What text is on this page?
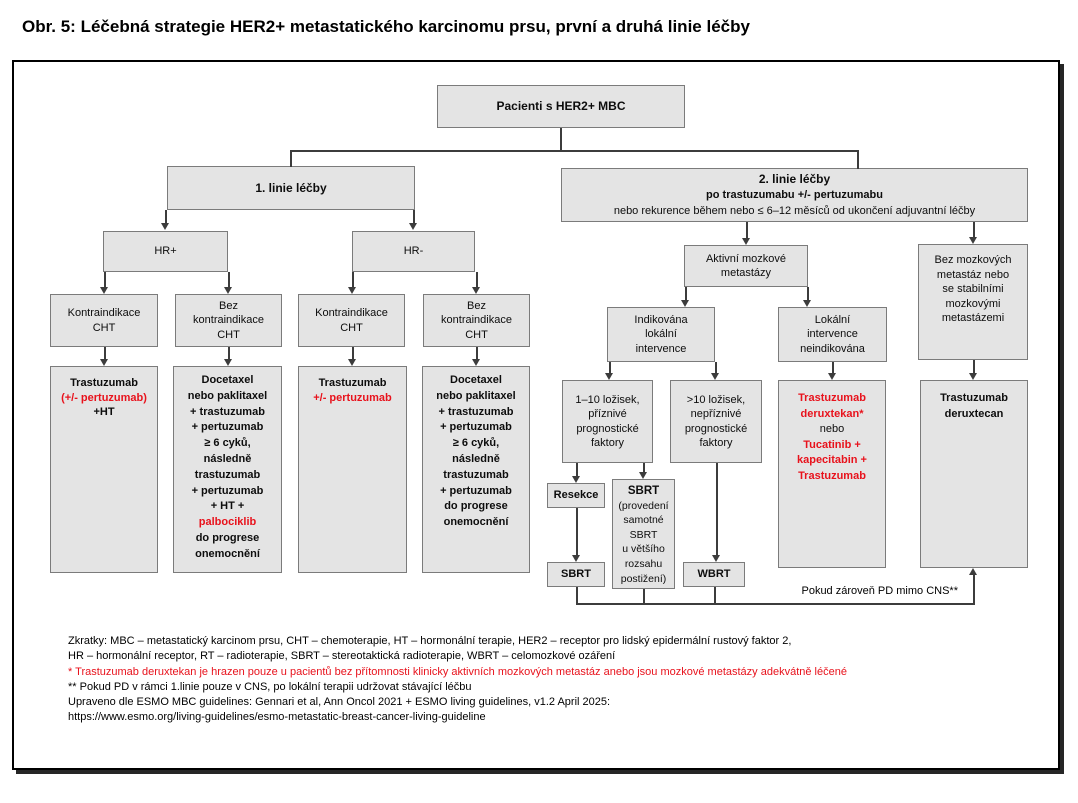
Obr. 5: Léčebná strategie HER2+ metastatického karcinomu prsu, první a druhá linie léčby
Pacienti s HER2+ MBC
1. linie léčby
2. linie léčby
po trastuzumabu +/- pertuzumabu
nebo rekurence během nebo ≤ 6–12 měsíců od ukončení adjuvantní léčby
HR+	HR-
Kontraindikace
CHT
Bez
kontraindikace
CHT
Kontraindikace
CHT
Bez
kontraindikace
CHT
Trastuzumab
(+/- pertuzumab)
+HT
Docetaxel
nebo paklitaxel
+ trastuzumab
+ pertuzumab
≥ 6 cyků,
následně
trastuzumab
+ pertuzumab
+ HT +
palbociklib
do progrese
onemocnění
Trastuzumab
+/- pertuzumab
Docetaxel
nebo paklitaxel
+ trastuzumab
+ pertuzumab
≥ 6 cyků,
následně
trastuzumab
+ pertuzumab
do progrese
onemocnění
Aktivní mozkové
metastázy
Bez mozkových
metastáz nebo
se stabilními
mozkovými
metastázemi
Indikována
lokální
intervence
Lokální
intervence
neindikována
1–10 ložisek,
příznivé
prognostické
faktory
>10 ložisek,
nepříznivé
prognostické
faktory
Resekce	SBRT
(provedení
samotné
SBRT
u většího
rozsahu
postižení)
SBRT	WBRT
Trastuzumab
deruxtekan*
nebo
Tucatinib +
kapecitabin +
Trastuzumab
Trastuzumab
deruxtecan
Pokud zároveň PD mimo CNS**
Zkratky: MBC – metastatický karcinom prsu, CHT – chemoterapie, HT – hormonální terapie, HER2 – receptor pro lidský epidermální rustový faktor 2,
HR – hormonální receptor, RT – radioterapie, SBRT – stereotaktická radioterapie, WBRT – celomozkové ozáření
* Trastuzumab deruxtekan je hrazen pouze u pacientů bez přítomnosti klinicky aktivních mozkových metastáz anebo jsou mozkové metastázy adekvátně léčené
** Pokud PD v rámci 1.linie pouze v CNS, po lokální terapii udržovat stávající léčbu
Upraveno dle ESMO MBC guidelines: Gennari et al, Ann Oncol 2021 + ESMO living guidelines, v1.2 April 2025:
https://www.esmo.org/living-guidelines/esmo-metastatic-breast-cancer-living-guideline
